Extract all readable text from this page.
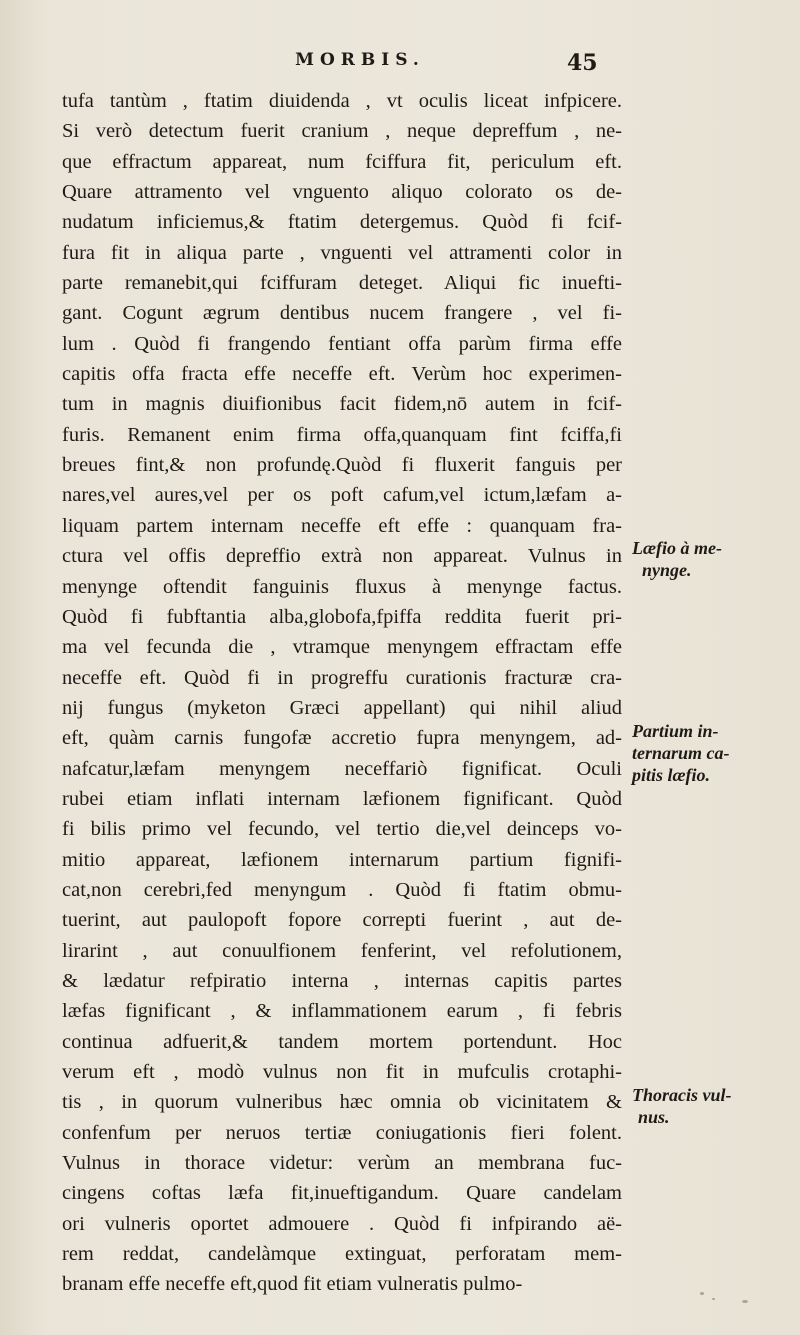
MORBIS.	45
tufa tantùm , ftatim diuidenda , vt oculis liceat infpicere.
Si verò detectum fuerit cranium , neque depreffum , ne-
que effractum appareat, num fciffura fit, periculum eft.
Quare attramento vel vnguento aliquo colorato os de-
nudatum inficiemus,& ftatim detergemus. Quòd fi fcif-
fura fit in aliqua parte , vnguenti vel attramenti color in
parte remanebit,qui fciffuram deteget. Aliqui fic inuefti-
gant. Cogunt ægrum dentibus nucem frangere , vel fi-
lum . Quòd fi frangendo fentiant offa parùm firma effe
capitis offa fracta effe neceffe eft. Verùm hoc experimen-
tum in magnis diuifionibus facit fidem,nō autem in fcif-
furis. Remanent enim firma offa,quanquam fint fciffa,fi
breues fint,& non profundę.Quòd fi fluxerit fanguis per
nares,vel aures,vel per os poft cafum,vel ictum,læfam a-
liquam partem internam neceffe eft effe : quanquam fra-
ctura vel offis depreffio extrà non appareat. Vulnus in
menynge oftendit fanguinis fluxus à menynge factus.
Quòd fi fubftantia alba,globofa,fpiffa reddita fuerit pri-
ma vel fecunda die , vtramque menyngem effractam effe
neceffe eft. Quòd fi in progreffu curationis fracturæ cra-
nij fungus (myketon Græci appellant) qui nihil aliud
eft, quàm carnis fungofæ accretio fupra menyngem, ad-
nafcatur,læfam menyngem neceffariò fignificat. Oculi
rubei etiam inflati internam læfionem fignificant. Quòd
fi bilis primo vel fecundo, vel tertio die,vel deinceps vo-
mitio appareat, læfionem internarum partium fignifi-
cat,non cerebri,fed menyngum . Quòd fi ftatim obmu-
tuerint, aut paulopoft fopore correpti fuerint , aut de-
lirarint , aut conuulfionem fenferint, vel refolutionem,
& lædatur refpiratio interna , internas capitis partes
læfas fignificant , & inflammationem earum , fi febris
continua adfuerit,& tandem mortem portendunt. Hoc
verum eft , modò vulnus non fit in mufculis crotaphi-
tis , in quorum vulneribus hæc omnia ob vicinitatem &
confenfum per neruos tertiæ coniugationis fieri folent.
Vulnus in thorace videtur: verùm an membrana fuc-
cingens coftas læfa fit,inueftigandum. Quare candelam
ori vulneris oportet admouere . Quòd fi infpirando aë-
rem reddat, candelàmque extinguat, perforatam mem-
branam effe neceffe eft,quod fit etiam vulneratis pulmo-
Læfio à me-
nynge.
Partium in-
ternarum ca-
pitis læfio.
Thoracis vul-
nus.
